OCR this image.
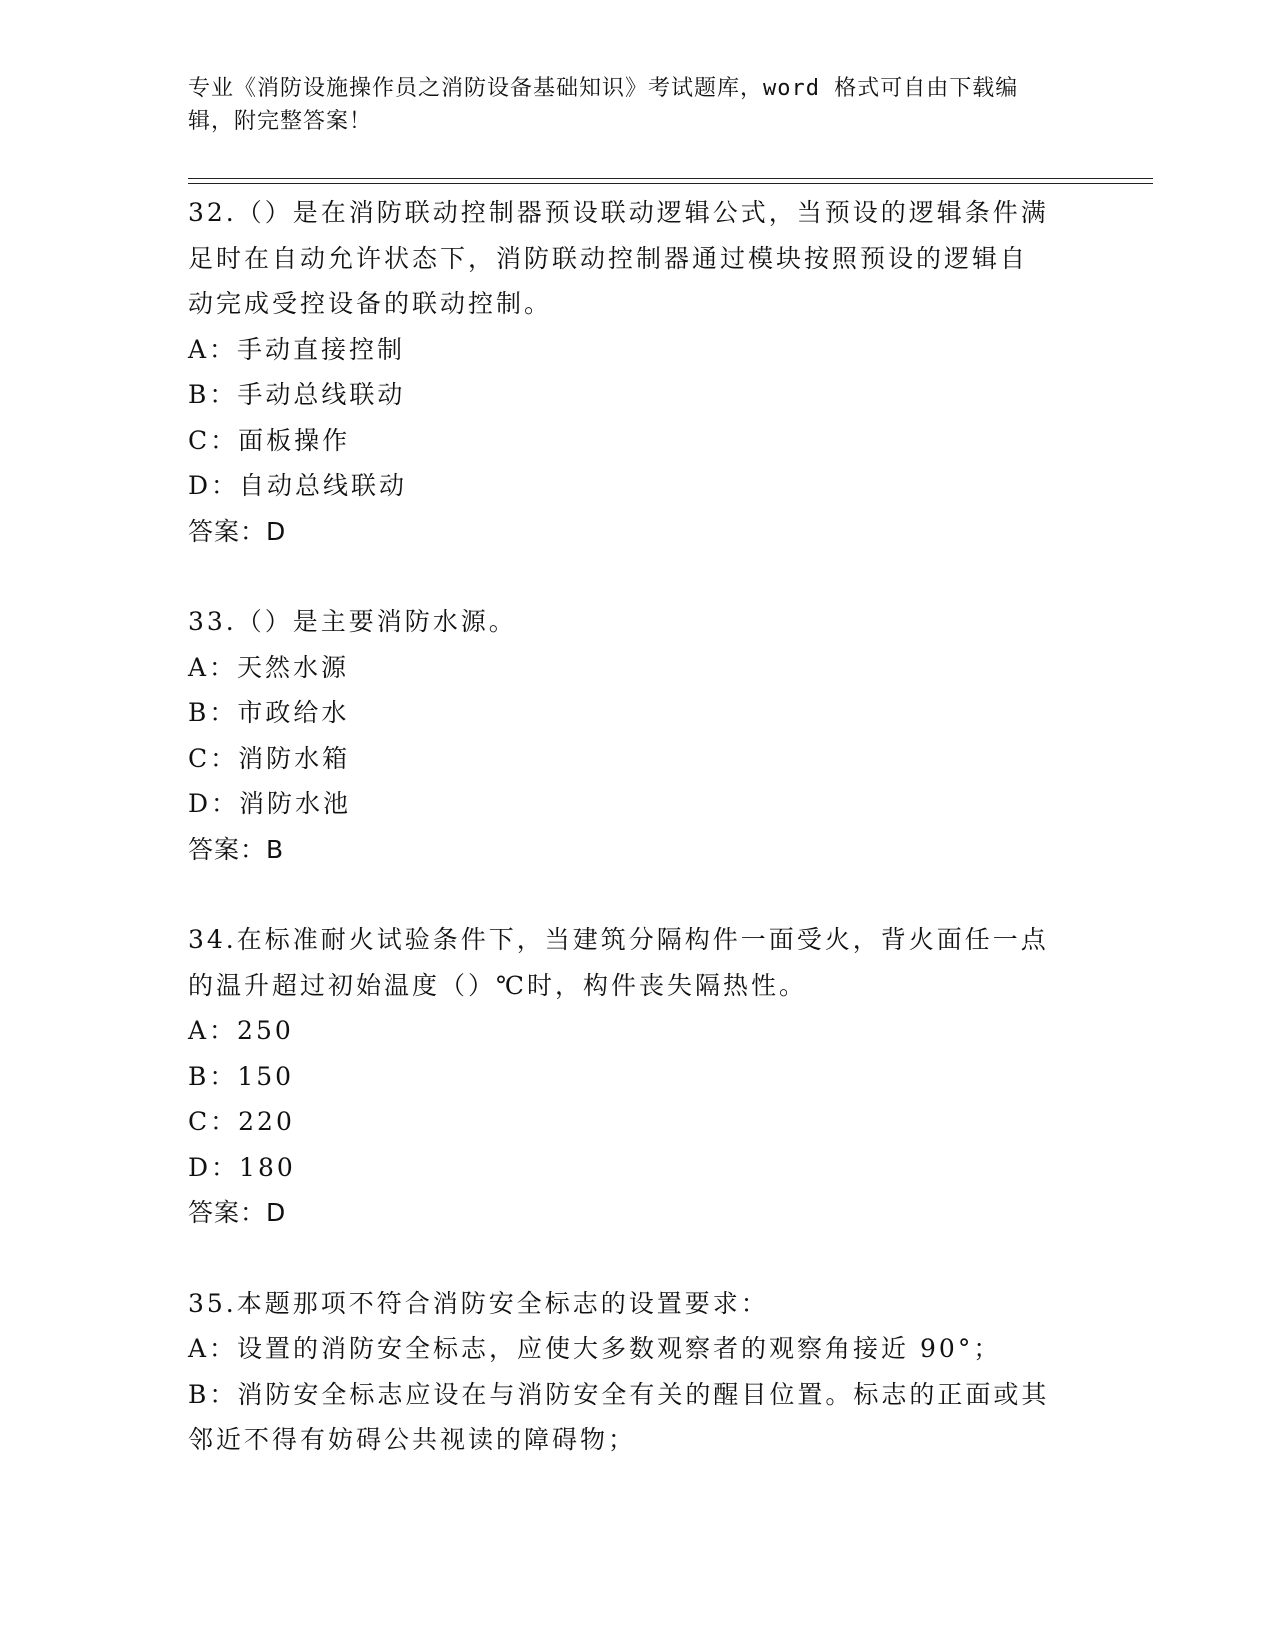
专业《消防设施操作员之消防设备基础知识》考试题库，word 格式可自由下载编
辑，附完整答案！
32.（）是在消防联动控制器预设联动逻辑公式，当预设的逻辑条件满
足时在自动允许状态下，消防联动控制器通过模块按照预设的逻辑自
动完成受控设备的联动控制。
A：手动直接控制
B：手动总线联动
C：面板操作
D：自动总线联动
答案：D
33.（）是主要消防水源。
A：天然水源
B：市政给水
C：消防水箱
D：消防水池
答案：B
34.在标准耐火试验条件下，当建筑分隔构件一面受火，背火面任一点
的温升超过初始温度（）℃时，构件丧失隔热性。
A：250
B：150
C：220
D：180
答案：D
35.本题那项不符合消防安全标志的设置要求：
A：设置的消防安全标志，应使大多数观察者的观察角接近 90°；
B：消防安全标志应设在与消防安全有关的醒目位置。标志的正面或其
邻近不得有妨碍公共视读的障碍物；
